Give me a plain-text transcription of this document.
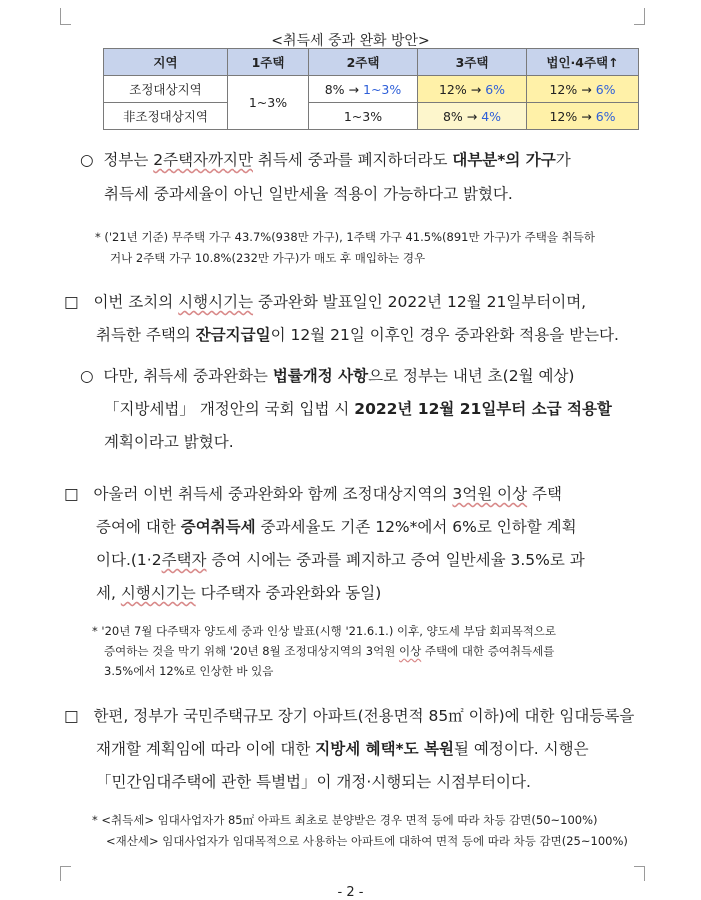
<취득세 중과 완화 방안>
지역	1주택	2주택	3주택	법인·4주택↑
조정대상지역	1~3%	8% → 1~3%	12% → 6%	12% → 6%
非조정대상지역		1~3%	8% → 4%	12% → 6%
○ 정부는 2주택자까지만 취득세 중과를 폐지하더라도 대부분*의 가구가
취득세 중과세율이 아닌 일반세율 적용이 가능하다고 밝혔다.
* ('21년 기준) 무주택 가구 43.7%(938만 가구), 1주택 가구 41.5%(891만 가구)가 주택을 취득하
거나 2주택 가구 10.8%(232만 가구)가 매도 후 매입하는 경우
□ 이번 조치의 시행시기는 중과완화 발표일인 2022년 12월 21일부터이며,
취득한 주택의 잔금지급일이 12월 21일 이후인 경우 중과완화 적용을 받는다.
○ 다만, 취득세 중과완화는 법률개정 사항으로 정부는 내년 초(2월 예상)
「지방세법」 개정안의 국회 입법 시 2022년 12월 21일부터 소급 적용할
계획이라고 밝혔다.
□ 아울러 이번 취득세 중과완화와 함께 조정대상지역의 3억원 이상 주택
증여에 대한 증여취득세 중과세율도 기존 12%*에서 6%로 인하할 계획
이다.(1·2주택자 증여 시에는 중과를 폐지하고 증여 일반세율 3.5%로 과
세, 시행시기는 다주택자 중과완화와 동일)
* '20년 7월 다주택자 양도세 중과 인상 발표(시행 '21.6.1.) 이후, 양도세 부담 회피목적으로
증여하는 것을 막기 위해 '20년 8월 조정대상지역의 3억원 이상 주택에 대한 증여취득세를
3.5%에서 12%로 인상한 바 있음
□ 한편, 정부가 국민주택규모 장기 아파트(전용면적 85㎡ 이하)에 대한 임대등록을
재개할 계획임에 따라 이에 대한 지방세 혜택*도 복원될 예정이다. 시행은
「민간임대주택에 관한 특별법」이 개정·시행되는 시점부터이다.
* <취득세> 임대사업자가 85㎡ 아파트 최초로 분양받은 경우 면적 등에 따라 차등 감면(50~100%)
<재산세> 임대사업자가 임대목적으로 사용하는 아파트에 대하여 면적 등에 따라 차등 감면(25~100%)
- 2 -
